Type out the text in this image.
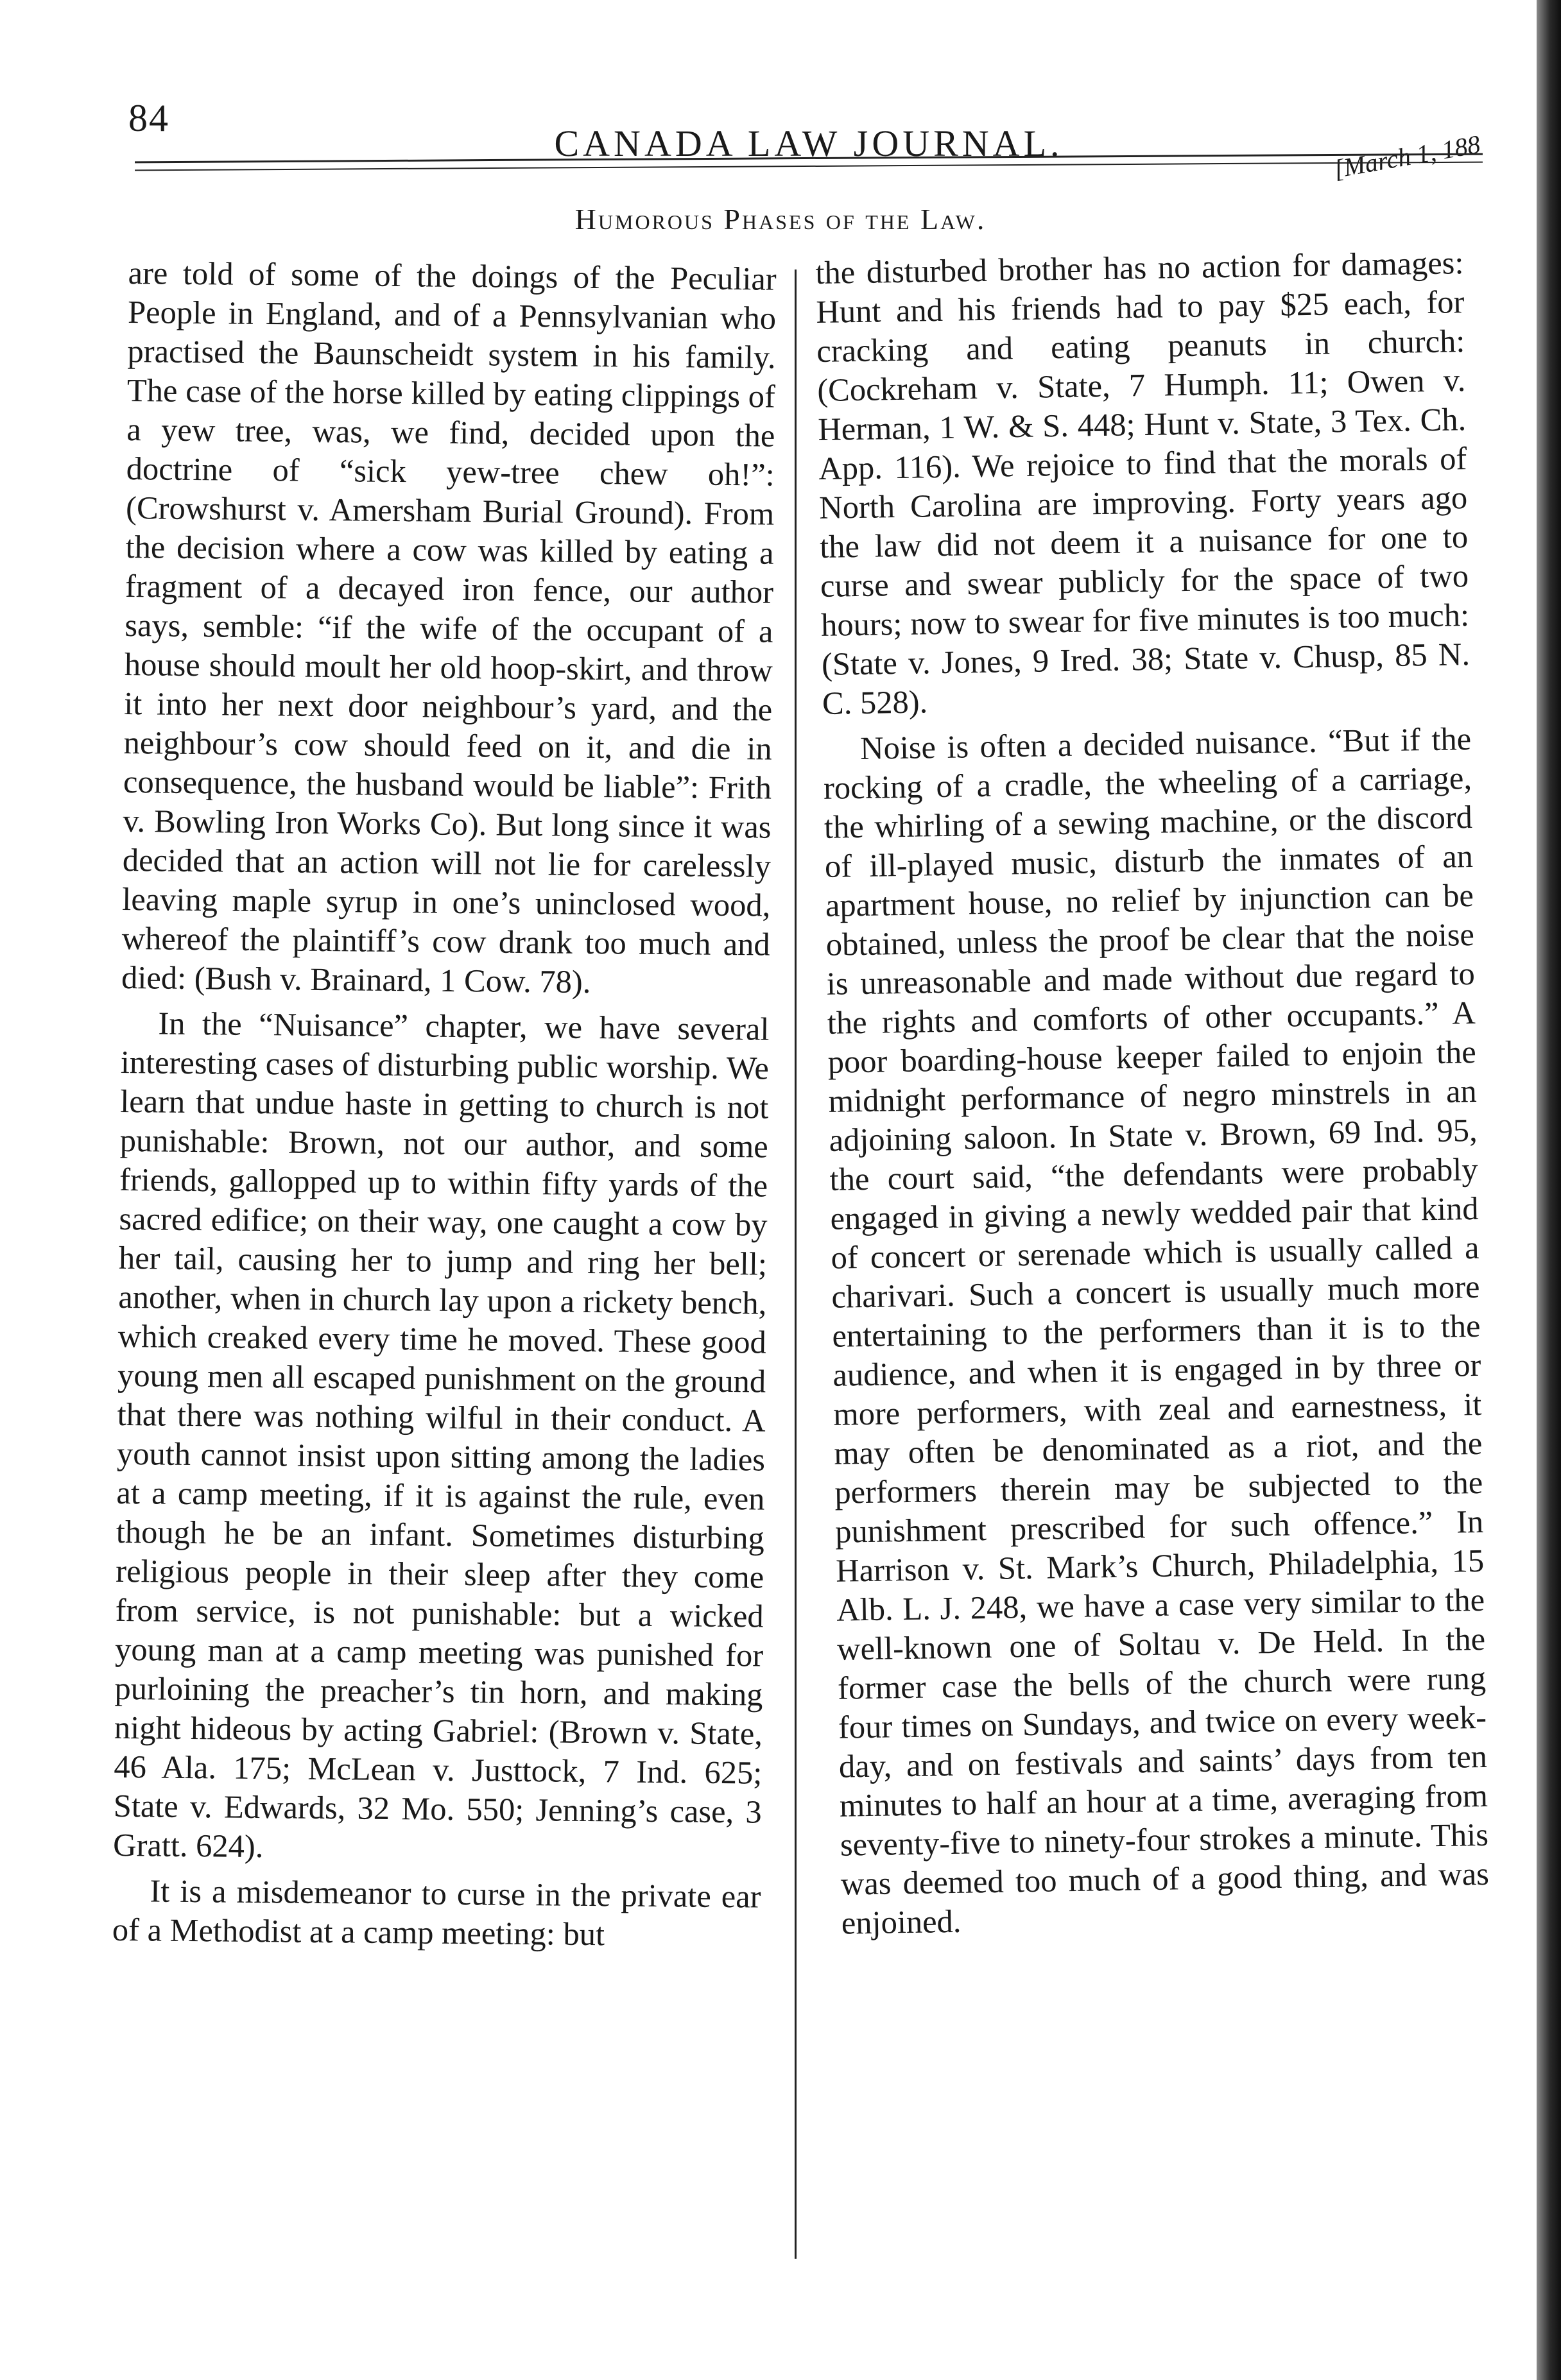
84
CANADA LAW JOURNAL.	[March 1, 188
Humorous Phases of the Law.

are told of some of the doings of the Peculiar People in England, and of a Pennsylvanian who practised the Baunscheidt system in his family. The case of the horse killed by eating clippings of a yew tree, was, we find, decided upon the doctrine of “sick yew-tree chew oh!”: (Crowshurst v. Amersham Burial Ground). From the decision where a cow was killed by eating a fragment of a decayed iron fence, our author says, semble: “if the wife of the occupant of a house should moult her old hoop-skirt, and throw it into her next door neighbour’s yard, and the neighbour’s cow should feed on it, and die in consequence, the husband would be liable”: Frith v. Bowling Iron Works Co). But long since it was decided that an action will not lie for carelessly leaving maple syrup in one’s uninclosed wood, whereof the plaintiff’s cow drank too much and died: (Bush v. Brainard, 1 Cow. 78).

In the “Nuisance” chapter, we have several interesting cases of disturbing public worship. We learn that undue haste in getting to church is not punishable: Brown, not our author, and some friends, gallopped up to within fifty yards of the sacred edifice; on their way, one caught a cow by her tail, causing her to jump and ring her bell; another, when in church lay upon a rickety bench, which creaked every time he moved. These good young men all escaped punishment on the ground that there was nothing wilful in their conduct. A youth cannot insist upon sitting among the ladies at a camp meeting, if it is against the rule, even though he be an infant. Sometimes disturbing religious people in their sleep after they come from service, is not punishable: but a wicked young man at a camp meeting was punished for purloining the preacher’s tin horn, and making night hideous by acting Gabriel: (Brown v. State, 46 Ala. 175; McLean v. Justtock, 7 Ind. 625; State v. Edwards, 32 Mo. 550; Jenning’s case, 3 Gratt. 624).

It is a misdemeanor to curse in the private ear of a Methodist at a camp meeting: but

the disturbed brother has no action for damages: Hunt and his friends had to pay $25 each, for cracking and eating peanuts in church: (Cockreham v. State, 7 Humph. 11; Owen v. Herman, 1 W. & S. 448; Hunt v. State, 3 Tex. Ch. App. 116). We rejoice to find that the morals of North Carolina are improving. Forty years ago the law did not deem it a nuisance for one to curse and swear publicly for the space of two hours; now to swear for five minutes is too much: (State v. Jones, 9 Ired. 38; State v. Chusp, 85 N. C. 528).

Noise is often a decided nuisance. “But if the rocking of a cradle, the wheeling of a carriage, the whirling of a sewing machine, or the discord of ill-played music, disturb the inmates of an apartment house, no relief by injunction can be obtained, unless the proof be clear that the noise is unreasonable and made without due regard to the rights and comforts of other occupants.” A poor boarding-house keeper failed to enjoin the midnight performance of negro minstrels in an adjoining saloon. In State v. Brown, 69 Ind. 95, the court said, “the defendants were probably engaged in giving a newly wedded pair that kind of concert or serenade which is usually called a charivari. Such a concert is usually much more entertaining to the performers than it is to the audience, and when it is engaged in by three or more performers, with zeal and earnestness, it may often be denominated as a riot, and the performers therein may be subjected to the punishment prescribed for such offence.” In Harrison v. St. Mark’s Church, Philadelphia, 15 Alb. L. J. 248, we have a case very similar to the well-known one of Soltau v. De Held. In the former case the bells of the church were rung four times on Sundays, and twice on every week-day, and on festivals and saints’ days from ten minutes to half an hour at a time, averaging from seventy-five to ninety-four strokes a minute. This was deemed too much of a good thing, and was enjoined.
